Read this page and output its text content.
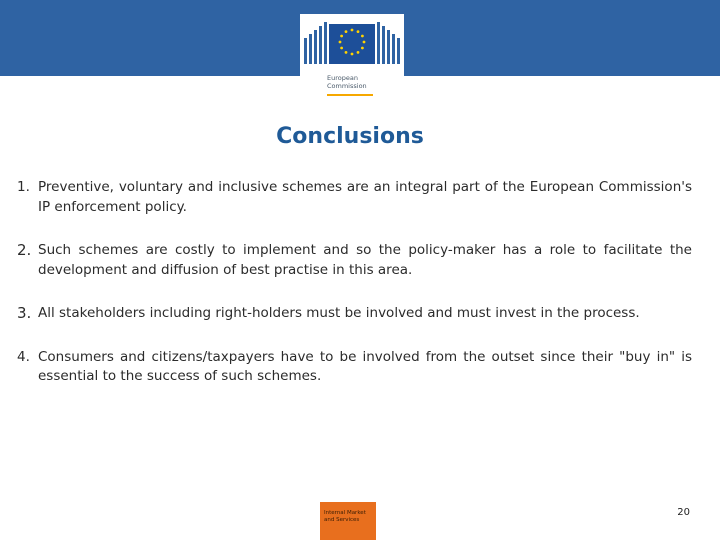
European
Commission
Conclusions
1. Preventive, voluntary and inclusive schemes are an integral part of the European Commission's IP enforcement policy.
2. Such schemes are costly to implement and so the policy-maker has a role to facilitate the development and diffusion of best practise in this area.
3. All stakeholders including right-holders must be involved and must invest in the process.
4. Consumers and citizens/taxpayers have to be involved from the outset since their "buy in" is essential to the success of such schemes.
Internal Market
and Services
20
